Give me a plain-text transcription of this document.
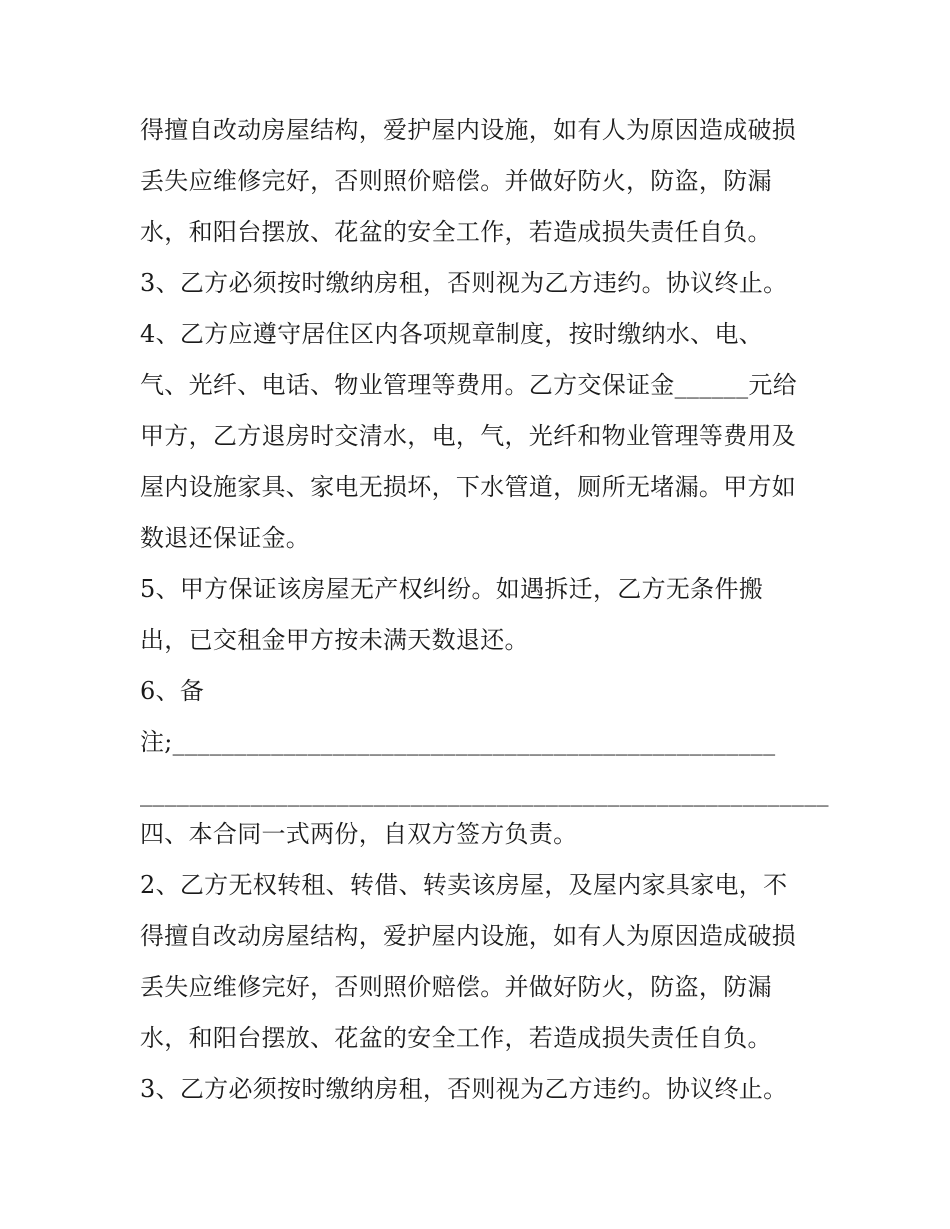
得擅自改动房屋结构，爱护屋内设施，如有人为原因造成破损
丢失应维修完好，否则照价赔偿。并做好防火，防盗，防漏
水，和阳台摆放、花盆的安全工作，若造成损失责任自负。
3、乙方必须按时缴纳房租，否则视为乙方违约。协议终止。
4、乙方应遵守居住区内各项规章制度，按时缴纳水、电、
气、光纤、电话、物业管理等费用。乙方交保证金______元给
甲方，乙方退房时交清水，电，气，光纤和物业管理等费用及
屋内设施家具、家电无损坏，下水管道，厕所无堵漏。甲方如
数退还保证金。
5、甲方保证该房屋无产权纠纷。如遇拆迁，乙方无条件搬
出，已交租金甲方按未满天数退还。
6、备
注;_________________________________________________
________________________________________________________
四、本合同一式两份，自双方签方负责。
2、乙方无权转租、转借、转卖该房屋，及屋内家具家电，不
得擅自改动房屋结构，爱护屋内设施，如有人为原因造成破损
丢失应维修完好，否则照价赔偿。并做好防火，防盗，防漏
水，和阳台摆放、花盆的安全工作，若造成损失责任自负。
3、乙方必须按时缴纳房租，否则视为乙方违约。协议终止。
